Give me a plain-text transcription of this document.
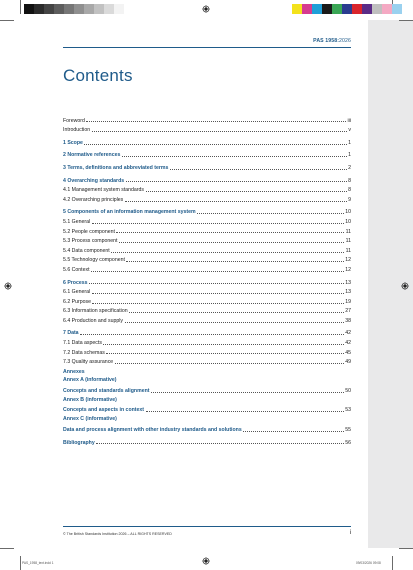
PAS_1958_text.indd 1	09/03/2026 09:08
PAS 1958:2026
Contents
Foreword	iii
Introduction	v
1 Scope	1
2 Normative references	1
3 Terms, definitions and abbreviated terms	2
4 Overarching standards	8
4.1 Management system standards	8
4.2 Overarching principles	9
5 Components of an information management system	10
5.1 General	10
5.2 People component	11
5.3 Process component	11
5.4 Data component	11
5.5 Technology component	12
5.6 Context	12
6 Process	13
6.1 General	13
6.2 Purpose	19
6.3 Information specification	27
6.4 Production and supply	38
7 Data	42
7.1 Data aspects	42
7.2 Data schemas	45
7.3 Quality assurance	49
Annexes
Annex A (informative)
Concepts and standards alignment	50
Annex B (informative)
Concepts and aspects in context	53
Annex C (informative)
Data and process alignment with other industry standards and solutions	55
Bibliography	56
© The British Standards Institution 2026 – ALL RIGHTS RESERVED	i
